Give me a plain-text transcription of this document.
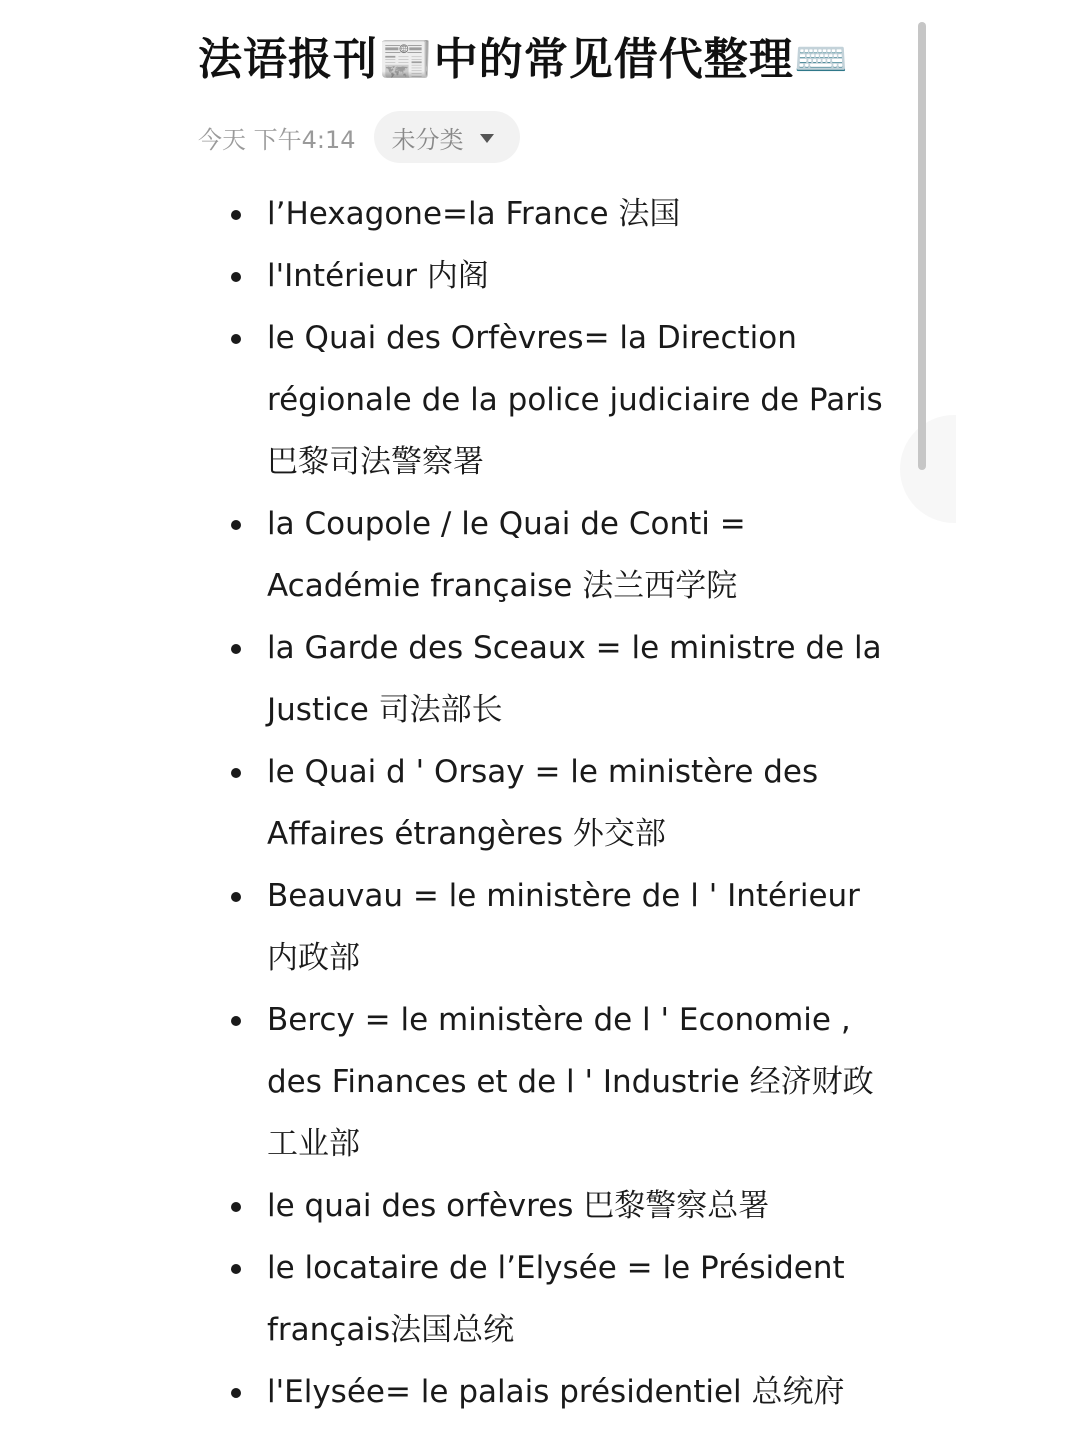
法语报刊📰中的常见借代整理⌨️
今天 下午4:14 未分类
l’Hexagone=la France 法国
l'Intérieur 内阁
le Quai des Orfèvres= la Direction régionale de la police judiciaire de Paris 巴黎司法警察署
la Coupole / le Quai de Conti = Académie française 法兰西学院
la Garde des Sceaux = le ministre de la Justice 司法部长
le Quai d ' Orsay = le ministère des Affaires étrangères 外交部
Beauvau = le ministère de l ' Intérieur 内政部
Bercy = le ministère de l ' Economie , des Finances et de l ' Industrie 经济财政工业部
le quai des orfèvres 巴黎警察总署
le locataire de l’Elysée = le Président français法国总统
l'Elysée= le palais présidentiel 总统府
